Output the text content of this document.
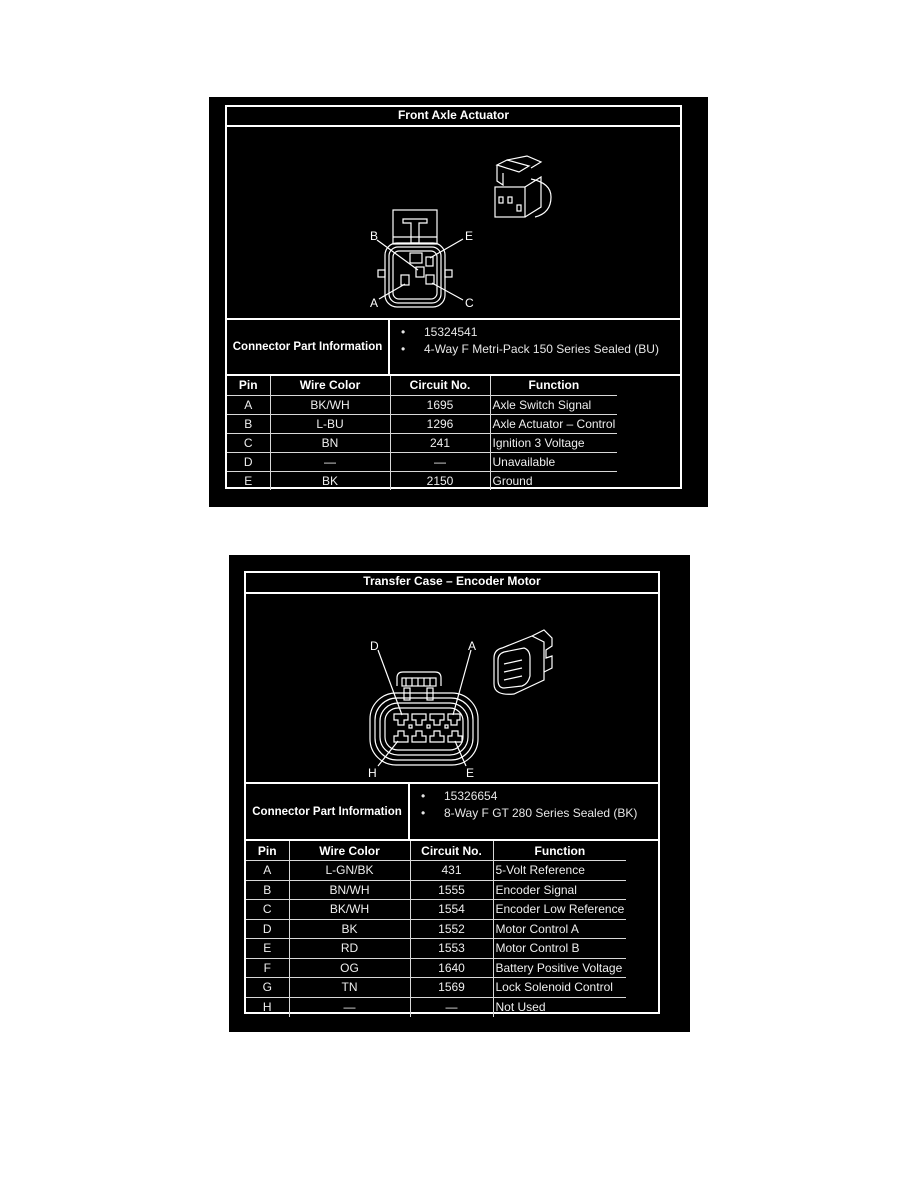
Front Axle Actuator
B	E
A	C
Connector Part Information
• 15324541
• 4-Way F Metri-Pack 150 Series Sealed (BU)
Pin	Wire Color	Circuit No.	Function
A	BK/WH	1695	Axle Switch Signal
B	L-BU	1296	Axle Actuator – Control
C	BN	241	Ignition 3 Voltage
D	—	—	Unavailable
E	BK	2150	Ground
Transfer Case – Encoder Motor
D	A
H	E
Connector Part Information
• 15326654
• 8-Way F GT 280 Series Sealed (BK)
Pin	Wire Color	Circuit No.	Function
A	L-GN/BK	431	5-Volt Reference
B	BN/WH	1555	Encoder Signal
C	BK/WH	1554	Encoder Low Reference
D	BK	1552	Motor Control A
E	RD	1553	Motor Control B
F	OG	1640	Battery Positive Voltage
G	TN	1569	Lock Solenoid Control
H	—	—	Not Used
